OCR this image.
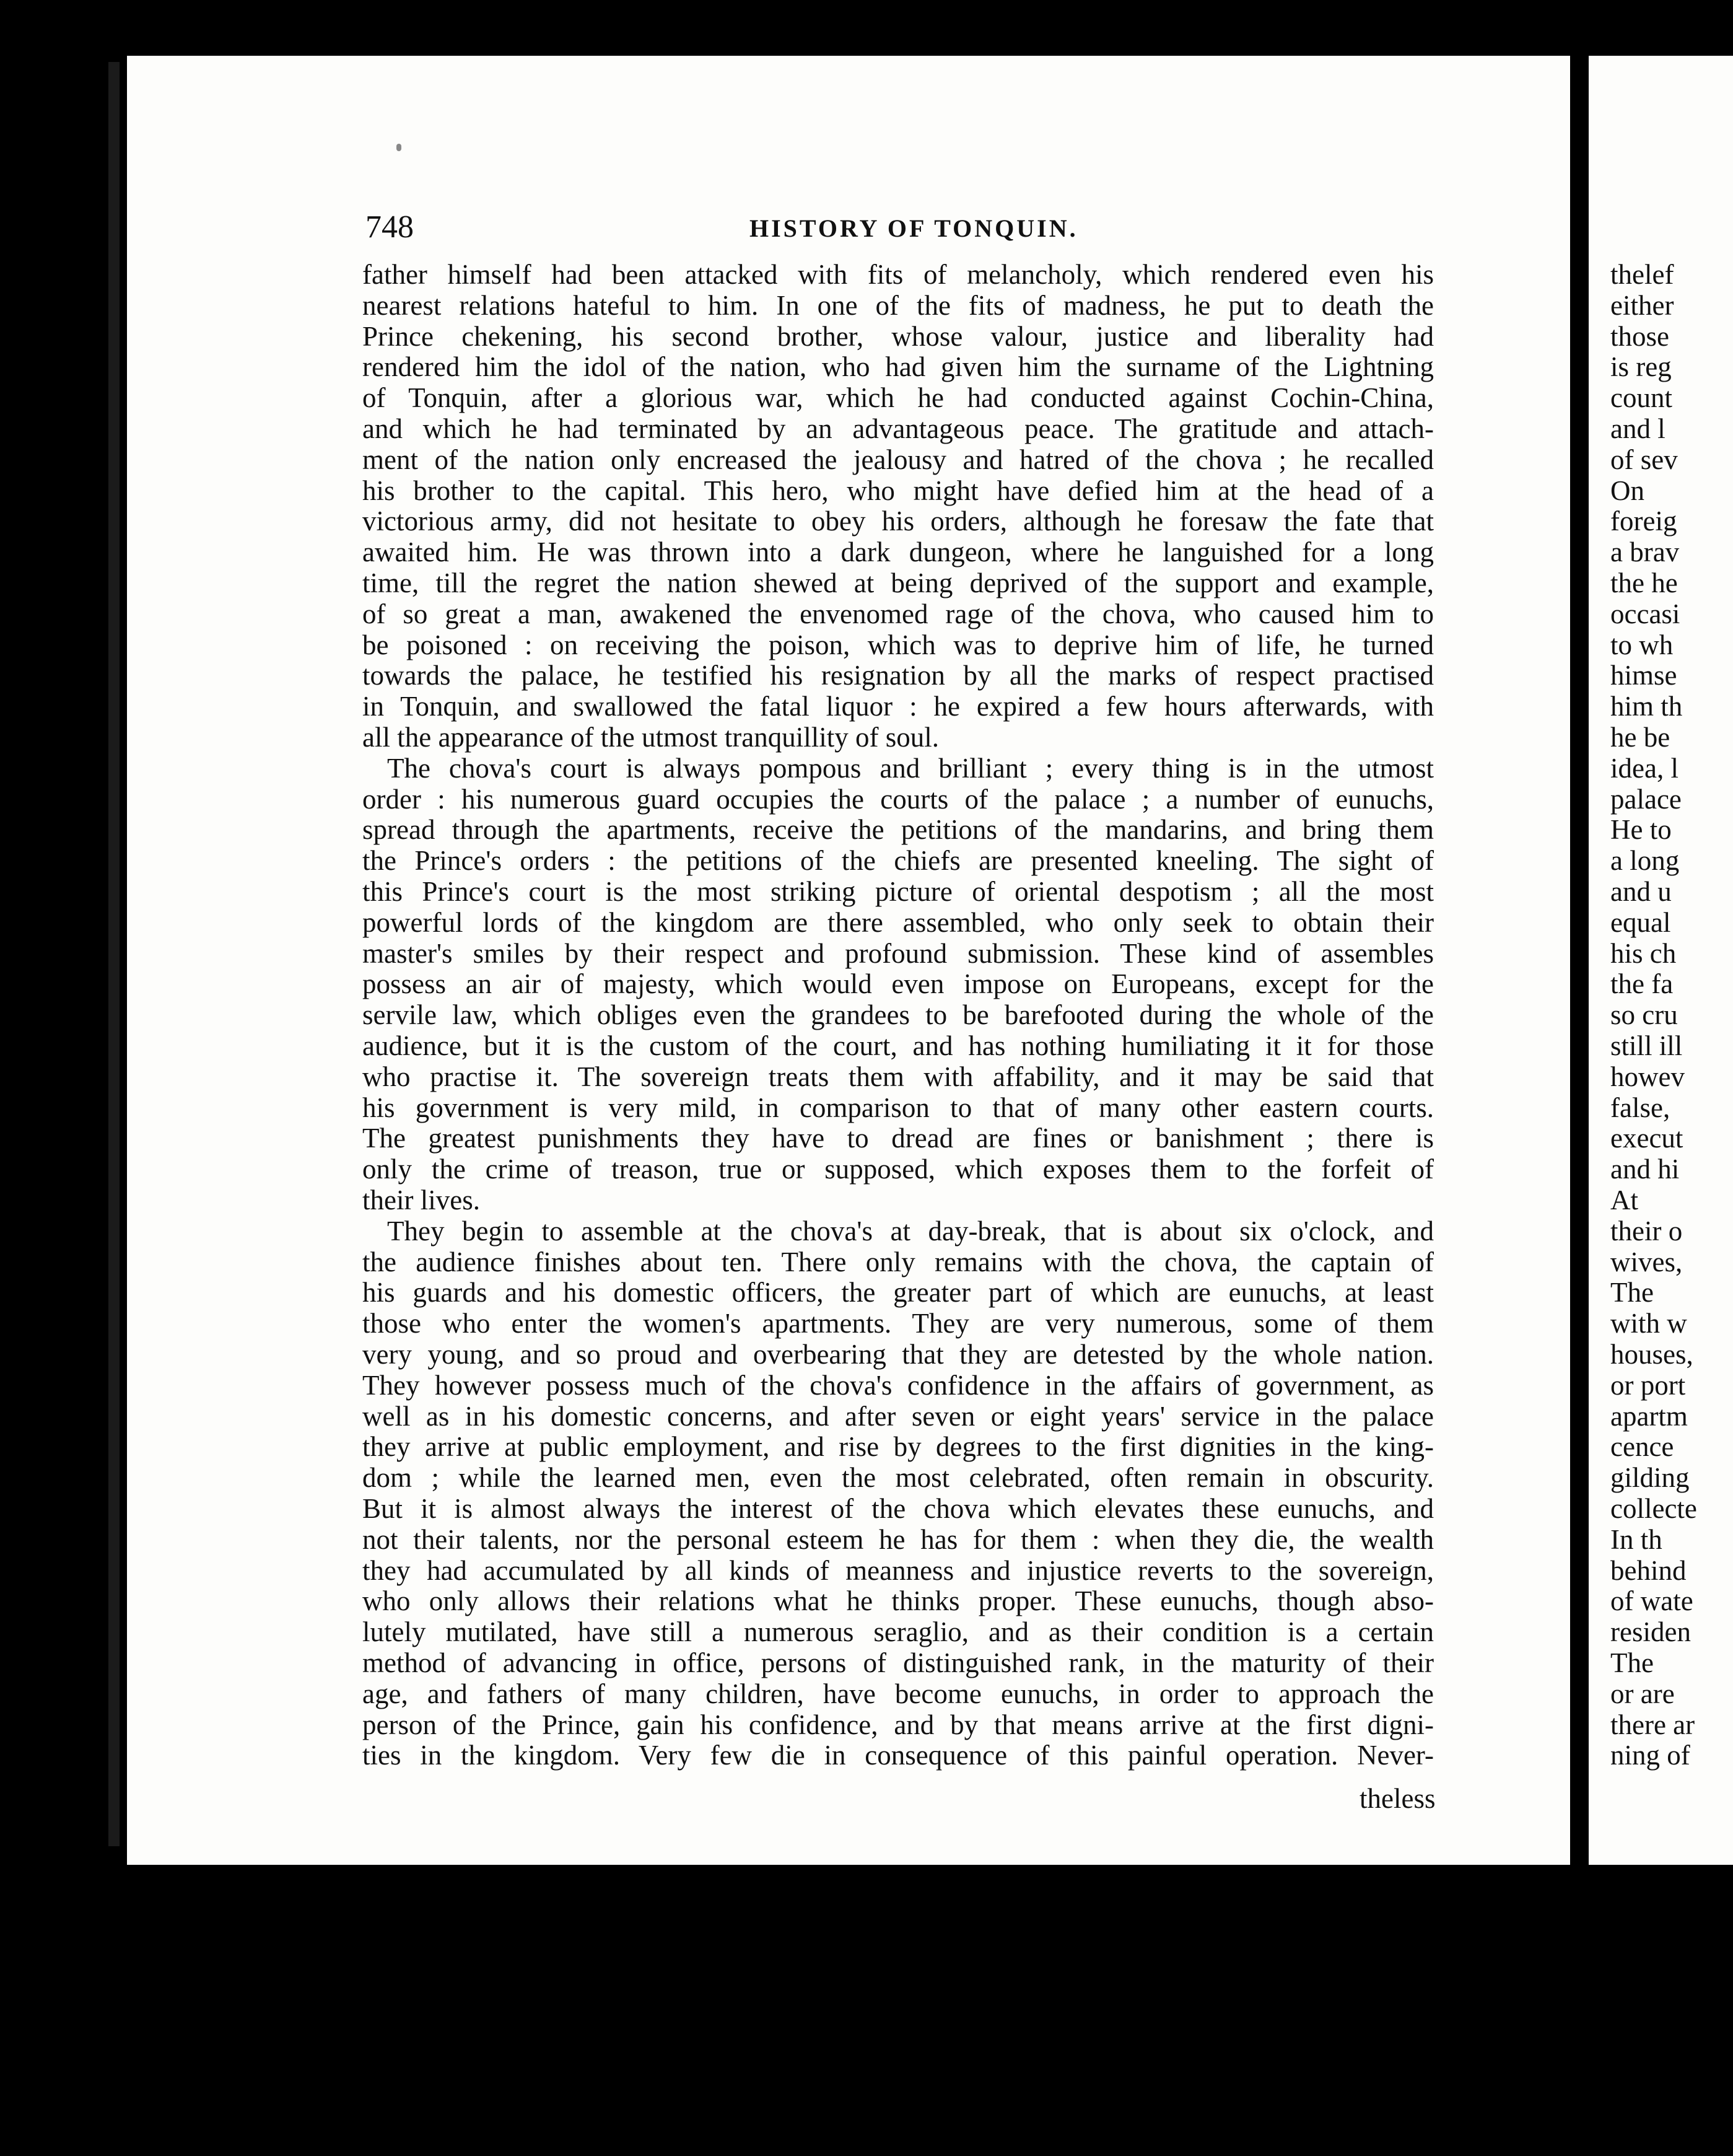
748	HISTORY OF TONQUIN.
father himself had been attacked with fits of melancholy, which rendered even his
nearest relations hateful to him. In one of the fits of madness, he put to death the
Prince chekening, his second brother, whose valour, justice and liberality had
rendered him the idol of the nation, who had given him the surname of the Lightning
of Tonquin, after a glorious war, which he had conducted against Cochin-China,
and which he had terminated by an advantageous peace. The gratitude and attach-
ment of the nation only encreased the jealousy and hatred of the chova ; he recalled
his brother to the capital. This hero, who might have defied him at the head of a
victorious army, did not hesitate to obey his orders, although he foresaw the fate that
awaited him. He was thrown into a dark dungeon, where he languished for a long
time, till the regret the nation shewed at being deprived of the support and example,
of so great a man, awakened the envenomed rage of the chova, who caused him to
be poisoned : on receiving the poison, which was to deprive him of life, he turned
towards the palace, he testified his resignation by all the marks of respect practised
in Tonquin, and swallowed the fatal liquor : he expired a few hours afterwards, with
all the appearance of the utmost tranquillity of soul.
The chova's court is always pompous and brilliant ; every thing is in the utmost
order : his numerous guard occupies the courts of the palace ; a number of eunuchs,
spread through the apartments, receive the petitions of the mandarins, and bring them
the Prince's orders : the petitions of the chiefs are presented kneeling. The sight of
this Prince's court is the most striking picture of oriental despotism ; all the most
powerful lords of the kingdom are there assembled, who only seek to obtain their
master's smiles by their respect and profound submission. These kind of assembles
possess an air of majesty, which would even impose on Europeans, except for the
servile law, which obliges even the grandees to be barefooted during the whole of the
audience, but it is the custom of the court, and has nothing humiliating it it for those
who practise it. The sovereign treats them with affability, and it may be said that
his government is very mild, in comparison to that of many other eastern courts.
The greatest punishments they have to dread are fines or banishment ; there is
only the crime of treason, true or supposed, which exposes them to the forfeit of
their lives.
They begin to assemble at the chova's at day-break, that is about six o'clock, and
the audience finishes about ten. There only remains with the chova, the captain of
his guards and his domestic officers, the greater part of which are eunuchs, at least
those who enter the women's apartments. They are very numerous, some of them
very young, and so proud and overbearing that they are detested by the whole nation.
They however possess much of the chova's confidence in the affairs of government, as
well as in his domestic concerns, and after seven or eight years' service in the palace
they arrive at public employment, and rise by degrees to the first dignities in the king-
dom ; while the learned men, even the most celebrated, often remain in obscurity.
But it is almost always the interest of the chova which elevates these eunuchs, and
not their talents, nor the personal esteem he has for them : when they die, the wealth
they had accumulated by all kinds of meanness and injustice reverts to the sovereign,
who only allows their relations what he thinks proper. These eunuchs, though abso-
lutely mutilated, have still a numerous seraglio, and as their condition is a certain
method of advancing in office, persons of distinguished rank, in the maturity of their
age, and fathers of many children, have become eunuchs, in order to approach the
person of the Prince, gain his confidence, and by that means arrive at the first digni-
ties in the kingdom. Very few die in consequence of this painful operation. Never-
thelef
either
those
is reg
count
and l
of sev
On
foreig
a brav
the he
occasi
to wh
himse
him th
he be
idea, l
palace
He to
a long
and u
equal
his ch
the fa
so cru
still ill
howev
false,
execut
and hi
At
their o
wives,
The
with w
houses,
or port
apartm
cence
gilding
collecte
In th
behind
of wate
residen
The
or are
there ar
ning of
theless
